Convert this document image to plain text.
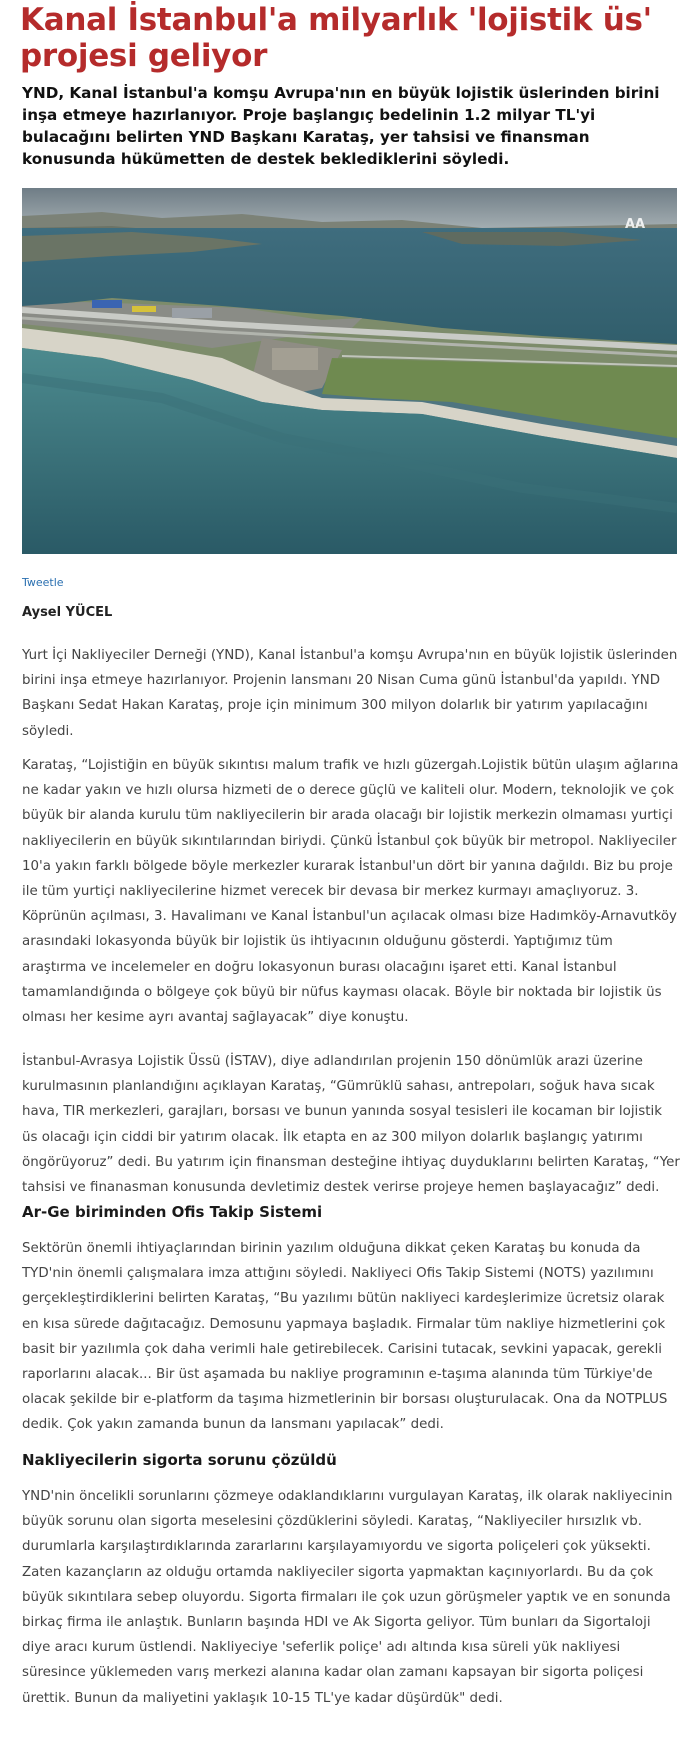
Kanal İstanbul'a milyarlık 'lojistik üs' projesi geliyor

YND, Kanal İstanbul'a komşu Avrupa'nın en büyük lojistik üslerinden birini inşa etmeye hazırlanıyor. Proje başlangıç bedelinin 1.2 milyar TL'yi bulacağını belirten YND Başkanı Karataş, yer tahsisi ve finansman konusunda hükümetten de destek beklediklerini söyledi.

AA
Tweetle

Aysel YÜCEL

Yurt İçi Nakliyeciler Derneği (YND), Kanal İstanbul'a komşu Avrupa'nın en büyük lojistik üslerinden birini inşa etmeye hazırlanıyor. Projenin lansmanı 20 Nisan Cuma günü İstanbul'da yapıldı. YND Başkanı Sedat Hakan Karataş, proje için minimum 300 milyon dolarlık bir yatırım yapılacağını söyledi.

Karataş, “Lojistiğin en büyük sıkıntısı malum trafik ve hızlı güzergah.Lojistik bütün ulaşım ağlarına ne kadar yakın ve hızlı olursa hizmeti de o derece güçlü ve kaliteli olur. Modern, teknolojik ve çok büyük bir alanda kurulu tüm nakliyecilerin bir arada olacağı bir lojistik merkezin olmaması yurtiçi nakliyecilerin en büyük sıkıntılarından biriydi. Çünkü İstanbul çok büyük bir metropol. Nakliyeciler 10'a yakın farklı bölgede böyle merkezler kurarak İstanbul'un dört bir yanına dağıldı. Biz bu proje ile tüm yurtiçi nakliyecilerine hizmet verecek bir devasa bir merkez kurmayı amaçlıyoruz. 3. Köprünün açılması, 3. Havalimanı ve Kanal İstanbul'un açılacak olması bize Hadımköy-Arnavutköy arasındaki lokasyonda büyük bir lojistik üs ihtiyacının olduğunu gösterdi. Yaptığımız tüm araştırma ve incelemeler en doğru lokasyonun burası olacağını işaret etti. Kanal İstanbul tamamlandığında o bölgeye çok büyü bir nüfus kayması olacak. Böyle bir noktada bir lojistik üs olması her kesime ayrı avantaj sağlayacak” diye konuştu.

İstanbul-Avrasya Lojistik Üssü (İSTAV), diye adlandırılan projenin 150 dönümlük arazi üzerine kurulmasının planlandığını açıklayan Karataş, “Gümrüklü sahası, antrepoları, soğuk hava sıcak hava, TIR merkezleri, garajları, borsası ve bunun yanında sosyal tesisleri ile kocaman bir lojistik üs olacağı için ciddi bir yatırım olacak. İlk etapta en az 300 milyon dolarlık başlangıç yatırımı öngörüyoruz” dedi. Bu yatırım için finansman desteğine ihtiyaç duyduklarını belirten Karataş, “Yer tahsisi ve finanasman konusunda devletimiz destek verirse projeye hemen başlayacağız” dedi.

Ar-Ge biriminden Ofis Takip Sistemi

Sektörün önemli ihtiyaçlarından birinin yazılım olduğuna dikkat çeken Karataş bu konuda da TYD'nin önemli çalışmalara imza attığını söyledi. Nakliyeci Ofis Takip Sistemi (NOTS) yazılımını gerçekleştirdiklerini belirten Karataş, “Bu yazılımı bütün nakliyeci kardeşlerimize ücretsiz olarak en kısa sürede dağıtacağız. Demosunu yapmaya başladık. Firmalar tüm nakliye hizmetlerini çok basit bir yazılımla çok daha verimli hale getirebilecek. Carisini tutacak, sevkini yapacak, gerekli raporlarını alacak... Bir üst aşamada bu nakliye programının e-taşıma alanında tüm Türkiye'de olacak şekilde bir e-platform da taşıma hizmetlerinin bir borsası oluşturulacak. Ona da NOTPLUS dedik. Çok yakın zamanda bunun da lansmanı yapılacak” dedi.

Nakliyecilerin sigorta sorunu çözüldü

YND'nin öncelikli sorunlarını çözmeye odaklandıklarını vurgulayan Karataş, ilk olarak nakliyecinin büyük sorunu olan sigorta meselesini çözdüklerini söyledi. Karataş, “Nakliyeciler hırsızlık vb. durumlarla karşılaştırdıklarında zararlarını karşılayamıyordu ve sigorta poliçeleri çok yüksekti. Zaten kazançların az olduğu ortamda nakliyeciler sigorta yapmaktan kaçınıyorlardı. Bu da çok büyük sıkıntılara sebep oluyordu. Sigorta firmaları ile çok uzun görüşmeler yaptık ve en sonunda birkaç firma ile anlaştık. Bunların başında HDI ve Ak Sigorta geliyor. Tüm bunları da Sigortaloji diye aracı kurum üstlendi. Nakliyeciye 'seferlik poliçe' adı altında kısa süreli yük nakliyesi süresince yüklemeden varış merkezi alanına kadar olan zamanı kapsayan bir sigorta poliçesi ürettik. Bunun da maliyetini yaklaşık 10-15 TL'ye kadar düşürdük" dedi.
